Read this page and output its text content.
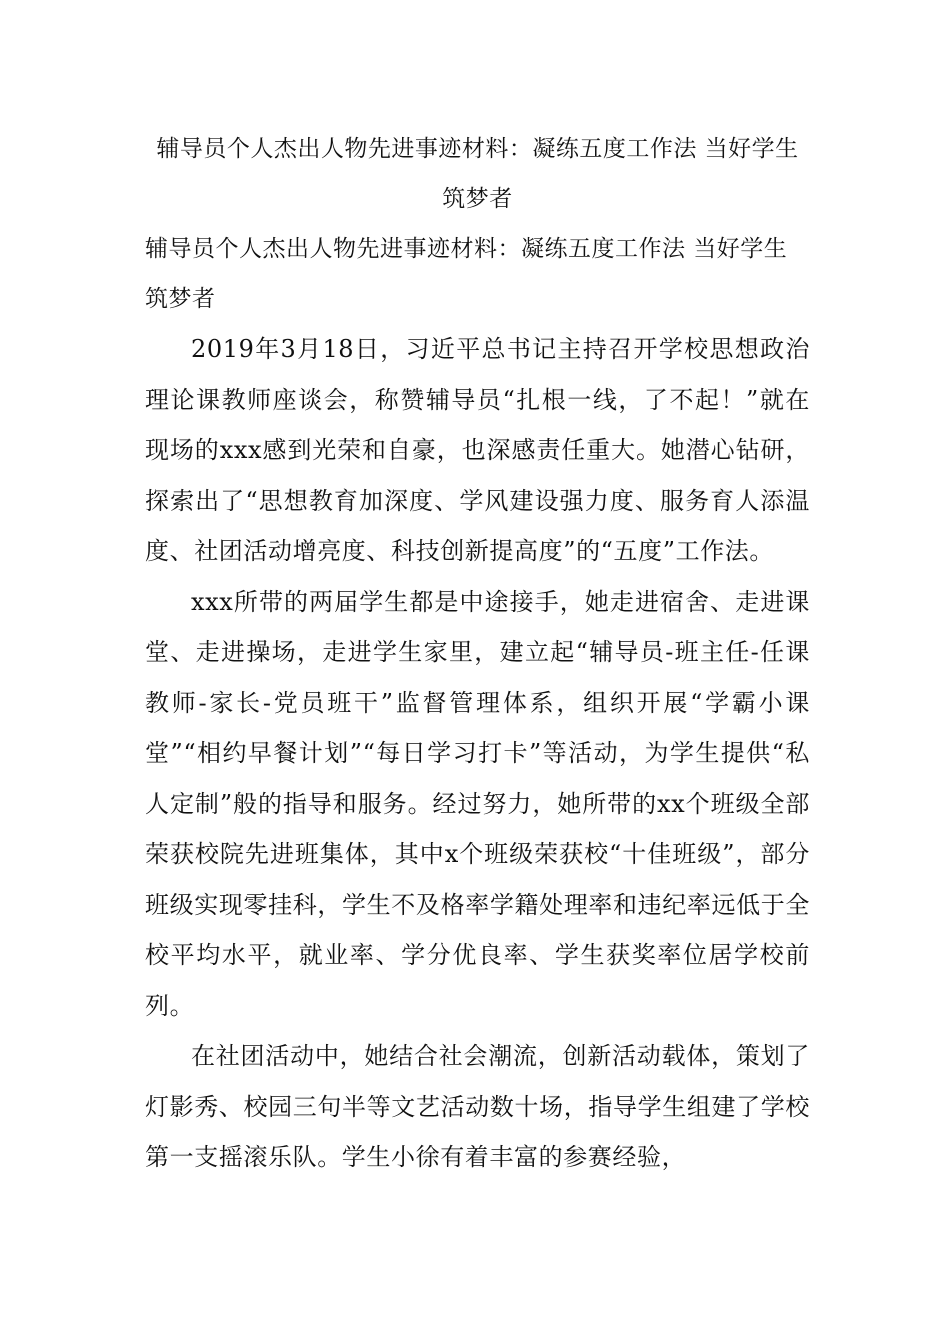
辅导员个人杰出人物先进事迹材料：凝练五度工作法 当好学生筑梦者

辅导员个人杰出人物先进事迹材料：凝练五度工作法 当好学生筑梦者

2019年3月18日，习近平总书记主持召开学校思想政治理论课教师座谈会，称赞辅导员“扎根一线，了不起！”就在现场的xxx感到光荣和自豪，也深感责任重大。她潜心钻研，探索出了“思想教育加深度、学风建设强力度、服务育人添温度、社团活动增亮度、科技创新提高度”的“五度”工作法。

xxx所带的两届学生都是中途接手，她走进宿舍、走进课堂、走进操场，走进学生家里，建立起“辅导员-班主任-任课教师-家长-党员班干”监督管理体系，组织开展“学霸小课堂”“相约早餐计划”“每日学习打卡”等活动，为学生提供“私人定制”般的指导和服务。经过努力，她所带的xx个班级全部荣获校院先进班集体，其中x个班级荣获校“十佳班级”，部分班级实现零挂科，学生不及格率学籍处理率和违纪率远低于全校平均水平，就业率、学分优良率、学生获奖率位居学校前列。

在社团活动中，她结合社会潮流，创新活动载体，策划了灯影秀、校园三句半等文艺活动数十场，指导学生组建了学校第一支摇滚乐队。学生小徐有着丰富的参赛经验，
